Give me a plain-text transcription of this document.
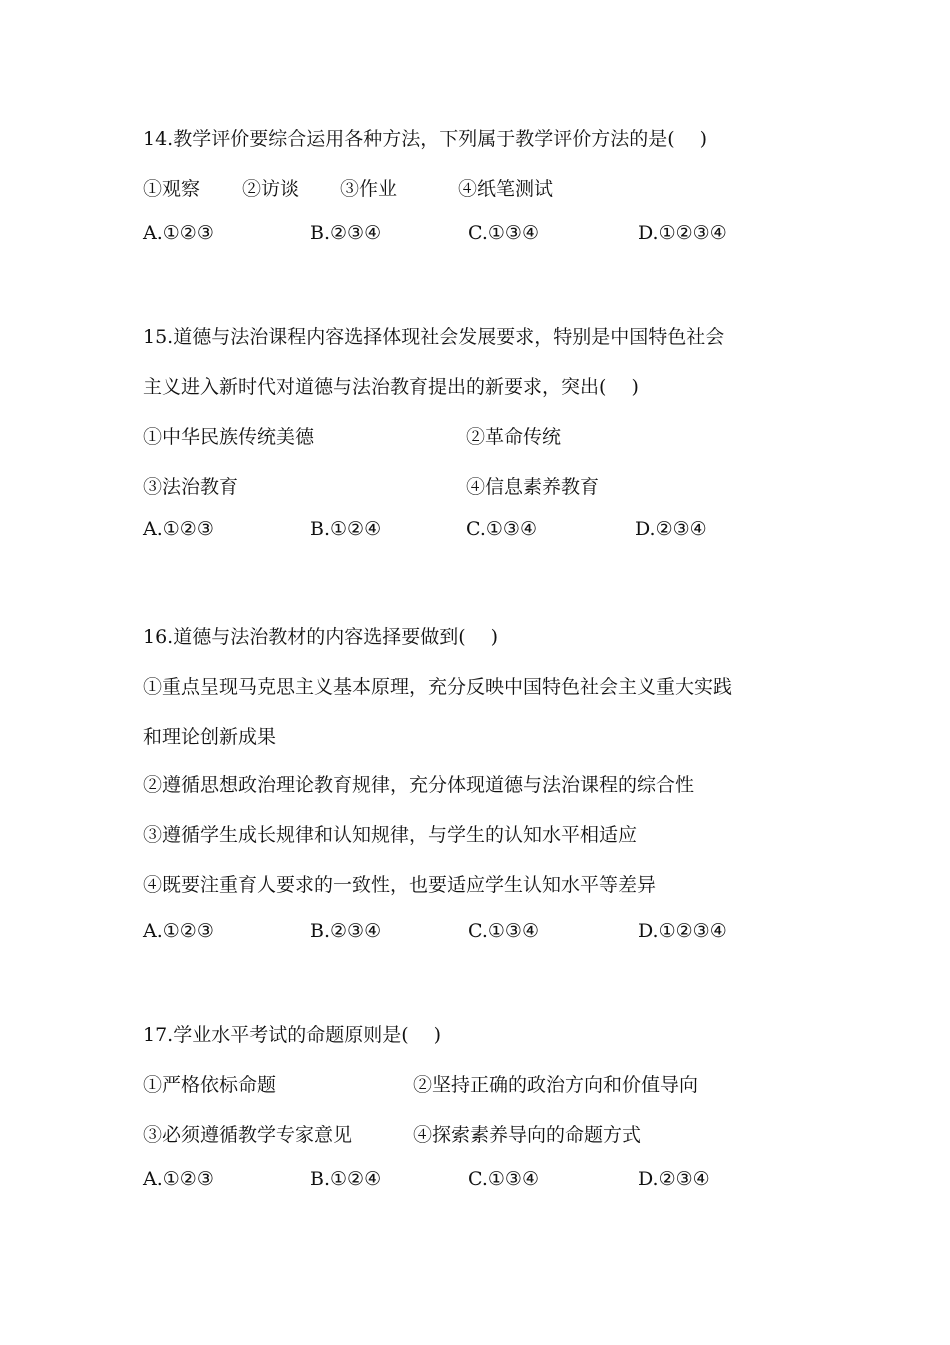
14.教学评价要综合运用各种方法，下列属于教学评价方法的是(　 )
①观察 ②访谈 ③作业	④纸笔测试
A.①②③	B.②③④	C.①③④	D.①②③④
15.道德与法治课程内容选择体现社会发展要求，特别是中国特色社会
主义进入新时代对道德与法治教育提出的新要求，突出(　 )
①中华民族传统美德	②革命传统
③法治教育	④信息素养教育
A.①②③	B.①②④	C.①③④	D.②③④
16.道德与法治教材的内容选择要做到(　 )
①重点呈现马克思主义基本原理，充分反映中国特色社会主义重大实践
和理论创新成果
②遵循思想政治理论教育规律，充分体现道德与法治课程的综合性
③遵循学生成长规律和认知规律，与学生的认知水平相适应
④既要注重育人要求的一致性，也要适应学生认知水平等差异
A.①②③	B.②③④	C.①③④	D.①②③④
17.学业水平考试的命题原则是(　 )
①严格依标命题	②坚持正确的政治方向和价值导向
③必须遵循教学专家意见	④探索素养导向的命题方式
A.①②③	B.①②④	C.①③④	D.②③④
